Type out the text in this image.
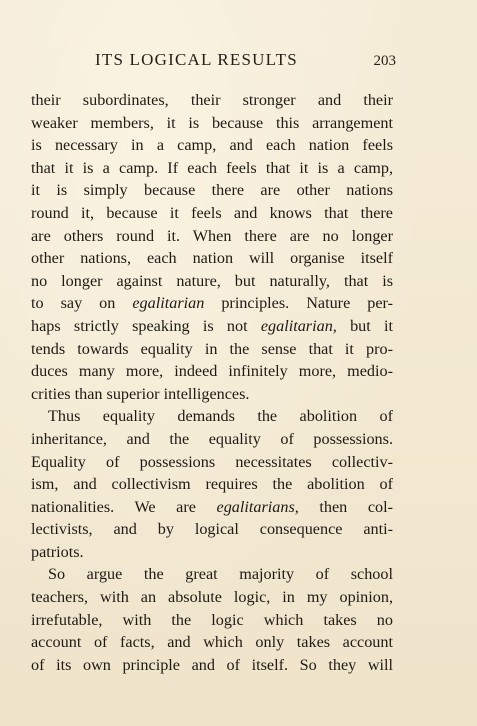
ITS LOGICAL RESULTS	203
their subordinates, their stronger and their
weaker members, it is because this arrangement
is necessary in a camp, and each nation feels
that it is a camp. If each feels that it is a camp,
it is simply because there are other nations
round it, because it feels and knows that there
are others round it. When there are no longer
other nations, each nation will organise itself
no longer against nature, but naturally, that is
to say on egalitarian principles. Nature per-
haps strictly speaking is not egalitarian, but it
tends towards equality in the sense that it pro-
duces many more, indeed infinitely more, medio-
crities than superior intelligences.
Thus equality demands the abolition of
inheritance, and the equality of possessions.
Equality of possessions necessitates collectiv-
ism, and collectivism requires the abolition of
nationalities. We are egalitarians, then col-
lectivists, and by logical consequence anti-
patriots.
So argue the great majority of school
teachers, with an absolute logic, in my opinion,
irrefutable, with the logic which takes no
account of facts, and which only takes account
of its own principle and of itself. So they will
